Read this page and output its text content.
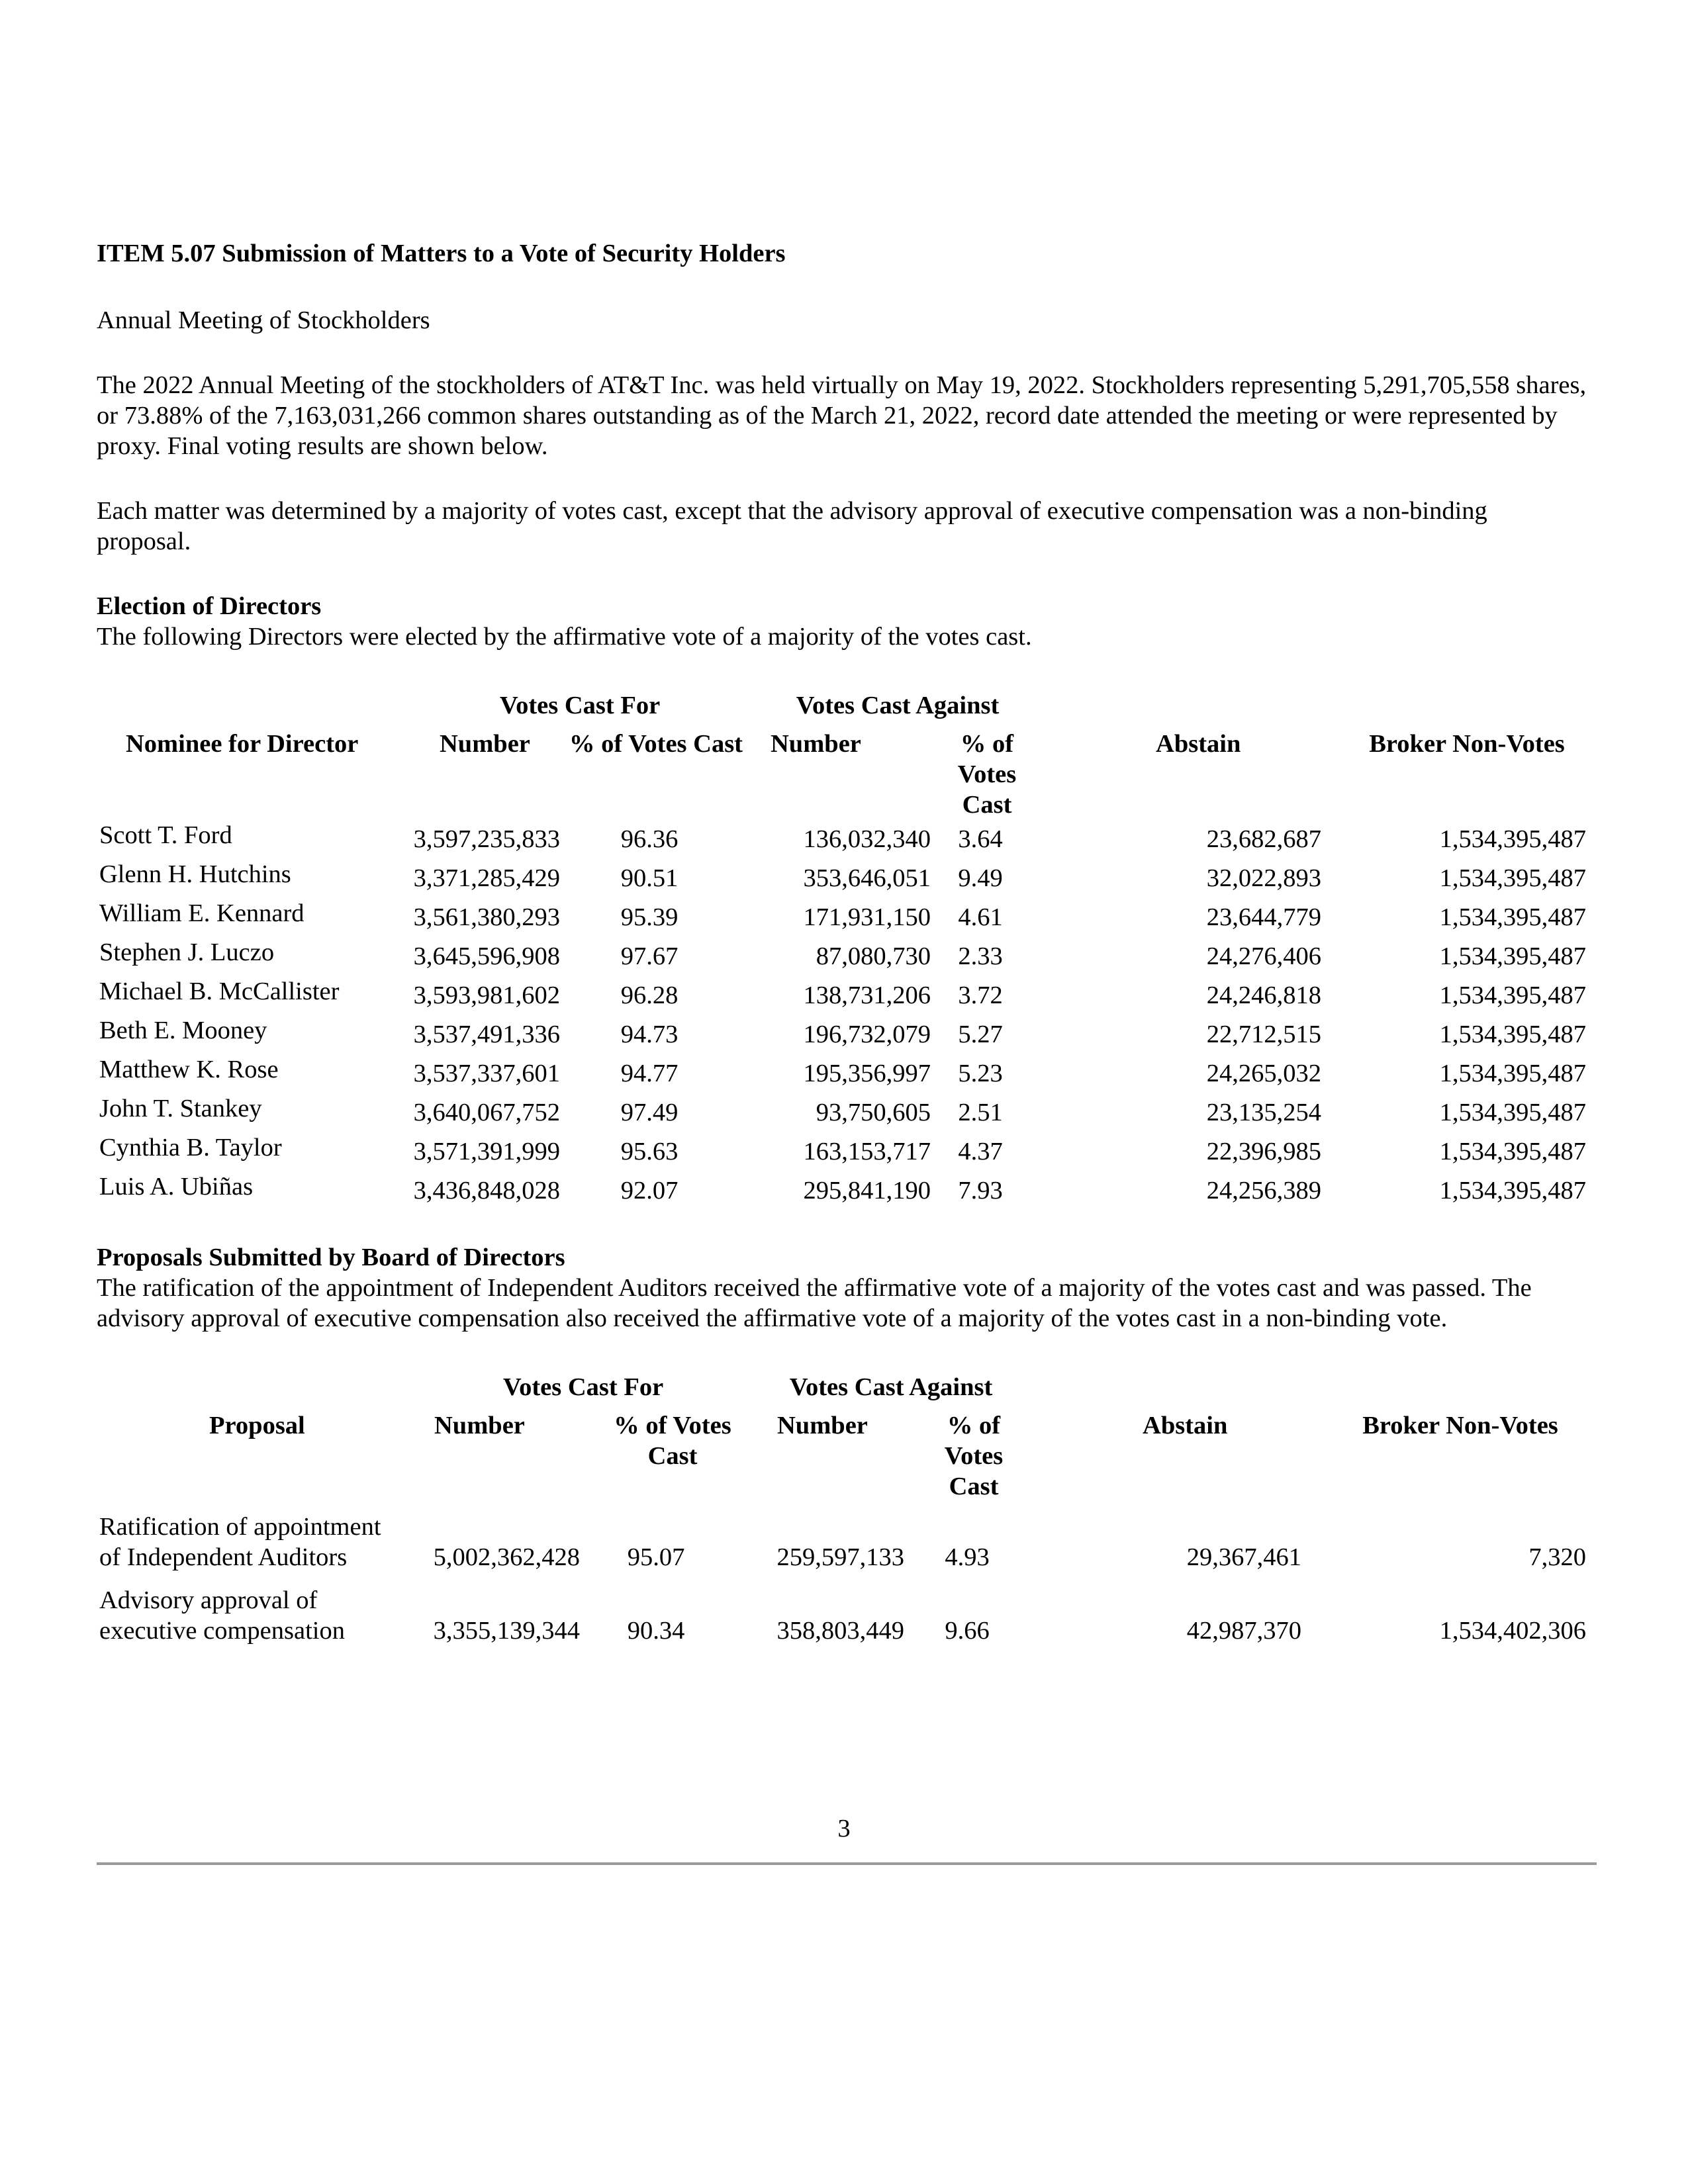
ITEM 5.07 Submission of Matters to a Vote of Security Holders

Annual Meeting of Stockholders

The 2022 Annual Meeting of the stockholders of AT&T Inc. was held virtually on May 19, 2022. Stockholders representing 5,291,705,558 shares, or 73.88% of the 7,163,031,266 common shares outstanding as of the March 21, 2022, record date attended the meeting or were represented by proxy. Final voting results are shown below.

Each matter was determined by a majority of votes cast, except that the advisory approval of executive compensation was a non-binding proposal.

Election of Directors

The following Directors were elected by the affirmative vote of a majority of the votes cast.

	Votes Cast For		Votes Cast Against			
Nominee for Director	Number	% of Votes Cast	Number	% of Votes Cast	Abstain	Broker Non-Votes
Scott T. Ford	3,597,235,833	96.36	136,032,340	3.64	23,682,687	1,534,395,487
Glenn H. Hutchins	3,371,285,429	90.51	353,646,051	9.49	32,022,893	1,534,395,487
William E. Kennard	3,561,380,293	95.39	171,931,150	4.61	23,644,779	1,534,395,487
Stephen J. Luczo	3,645,596,908	97.67	87,080,730	2.33	24,276,406	1,534,395,487
Michael B. McCallister	3,593,981,602	96.28	138,731,206	3.72	24,246,818	1,534,395,487
Beth E. Mooney	3,537,491,336	94.73	196,732,079	5.27	22,712,515	1,534,395,487
Matthew K. Rose	3,537,337,601	94.77	195,356,997	5.23	24,265,032	1,534,395,487
John T. Stankey	3,640,067,752	97.49	93,750,605	2.51	23,135,254	1,534,395,487
Cynthia B. Taylor	3,571,391,999	95.63	163,153,717	4.37	22,396,985	1,534,395,487
Luis A. Ubiñas	3,436,848,028	92.07	295,841,190	7.93	24,256,389	1,534,395,487

Proposals Submitted by Board of Directors

The ratification of the appointment of Independent Auditors received the affirmative vote of a majority of the votes cast and was passed. The advisory approval of executive compensation also received the affirmative vote of a majority of the votes cast in a non-binding vote.

	Votes Cast For		Votes Cast Against			
Proposal	Number	% of Votes Cast	Number	% of Votes Cast	Abstain	Broker Non-Votes
Ratification of appointment of Independent Auditors	5,002,362,428	95.07	259,597,133	4.93	29,367,461	7,320
Advisory approval of executive compensation	3,355,139,344	90.34	358,803,449	9.66	42,987,370	1,534,402,306
3
